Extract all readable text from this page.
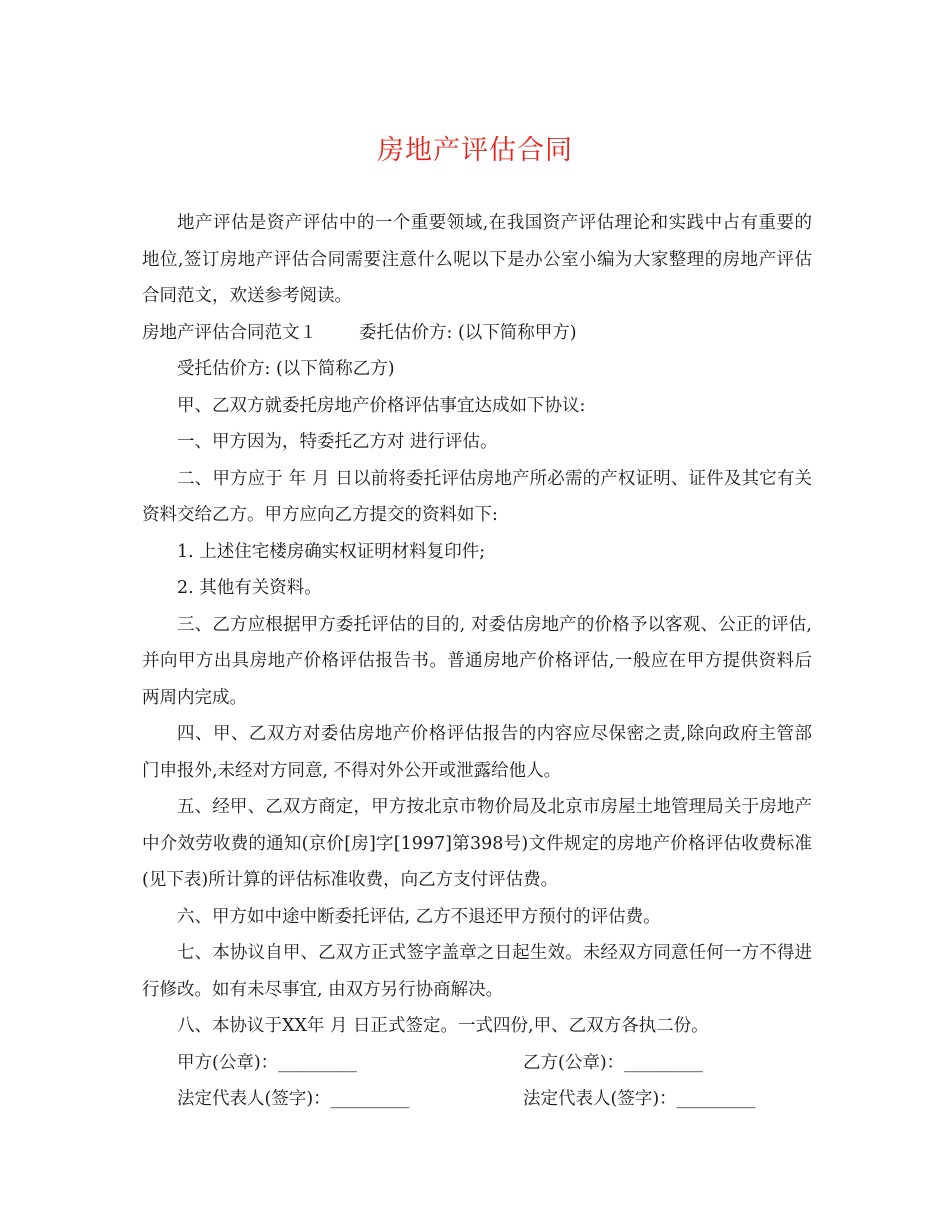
房地产评估合同

地产评估是资产评估中的一个重要领域,在我国资产评估理论和实践中占有重要的地位,签订房地产评估合同需要注意什么呢以下是办公室小编为大家整理的房地产评估合同范文，欢送参考阅读。

房地产评估合同范文１ 委托估价方: (以下简称甲方)

受托估价方: (以下简称乙方)

甲、乙双方就委托房地产价格评估事宜达成如下协议:

一、甲方因为，特委托乙方对 进行评估。

二、甲方应于 年 月 日以前将委托评估房地产所必需的产权证明、证件及其它有关资料交给乙方。甲方应向乙方提交的资料如下:

1. 上述住宅楼房确实权证明材料复印件;

2. 其他有关资料。

三、乙方应根据甲方委托评估的目的, 对委估房地产的价格予以客观、公正的评估, 并向甲方出具房地产价格评估报告书。普通房地产价格评估,一般应在甲方提供资料后两周内完成。

四、甲、乙双方对委估房地产价格评估报告的内容应尽保密之责,除向政府主管部门申报外,未经对方同意, 不得对外公开或泄露给他人。

五、经甲、乙双方商定，甲方按北京市物价局及北京市房屋土地管理局关于房地产中介效劳收费的通知(京价[房]字[1997]第398号)文件规定的房地产价格评估收费标准(见下表)所计算的评估标准收费，向乙方支付评估费。

六、甲方如中途中断委托评估, 乙方不退还甲方预付的评估费。

七、本协议自甲、乙双方正式签字盖章之日起生效。未经双方同意任何一方不得进行修改。如有未尽事宜, 由双方另行协商解决。

八、本协议于XX年 月 日正式签定。一式四份,甲、乙双方各执二份。

甲方(公章)：_________	乙方(公章)：_________
法定代表人(签字)：_________	法定代表人(签字)：_________
